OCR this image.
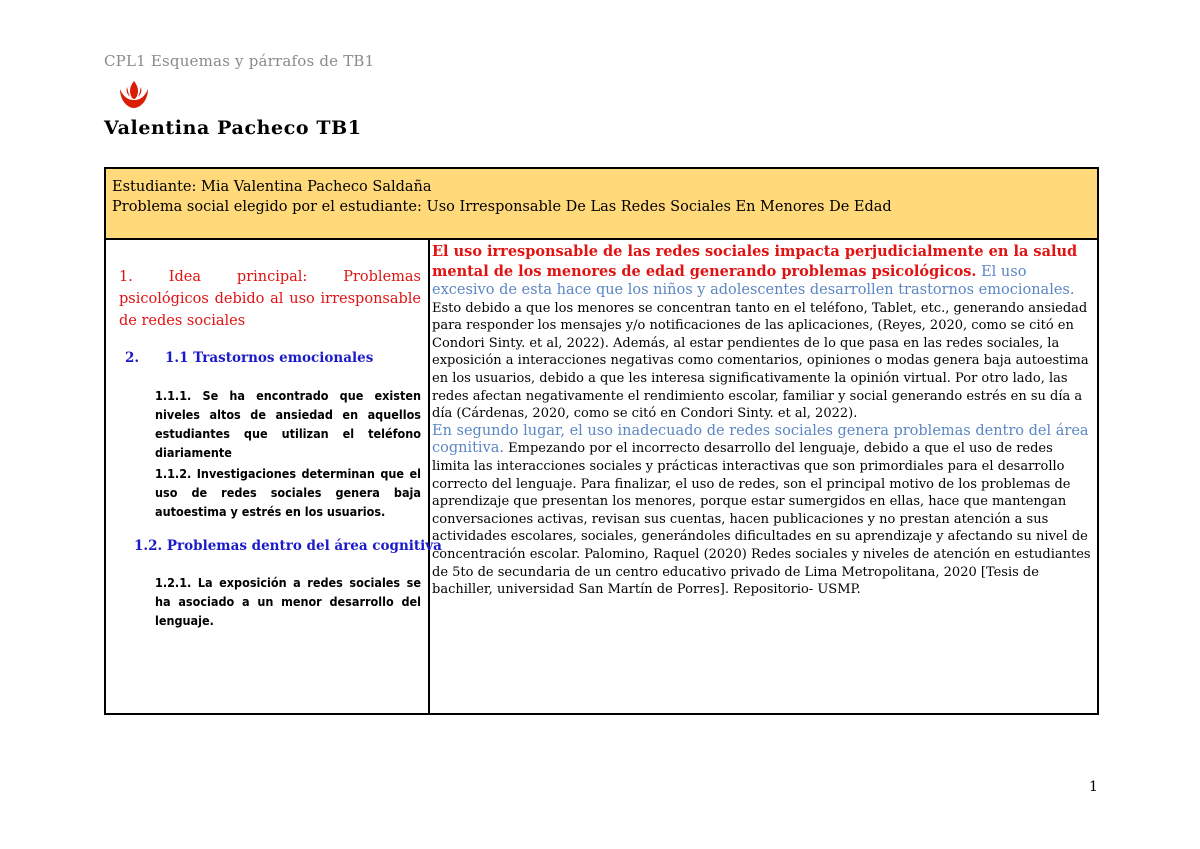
CPL1 Esquemas y párrafos de TB1
Valentina Pacheco TB1
Estudiante: Mia Valentina Pacheco Saldaña
Problema social elegido por el estudiante: Uso Irresponsable De Las Redes Sociales En Menores De Edad
1. Idea principal: Problemas psicológicos debido al uso irresponsable de redes sociales
2. 1.1 Trastornos emocionales
1.1.1. Se ha encontrado que existen niveles altos de ansiedad en aquellos estudiantes que utilizan el teléfono diariamente
1.1.2. Investigaciones determinan que el uso de redes sociales genera baja autoestima y estrés en los usuarios.
1.2. Problemas dentro del área cognitiva
1.2.1. La exposición a redes sociales se ha asociado a un menor desarrollo del lenguaje.

El uso irresponsable de las redes sociales impacta perjudicialmente en la salud mental de los menores de edad generando problemas psicológicos. El uso excesivo de esta hace que los niños y adolescentes desarrollen trastornos emocionales. Esto debido a que los menores se concentran tanto en el teléfono, Tablet, etc., generando ansiedad para responder los mensajes y/o notificaciones de las aplicaciones, (Reyes, 2020, como se citó en Condori Sinty. et al, 2022). Además, al estar pendientes de lo que pasa en las redes sociales, la exposición a interacciones negativas como comentarios, opiniones o modas genera baja autoestima en los usuarios, debido a que les interesa significativamente la opinión virtual. Por otro lado, las redes afectan negativamente el rendimiento escolar, familiar y social generando estrés en su día a día (Cárdenas, 2020, como se citó en Condori Sinty. et al, 2022).

En segundo lugar, el uso inadecuado de redes sociales genera problemas dentro del área cognitiva. Empezando por el incorrecto desarrollo del lenguaje, debido a que el uso de redes limita las interacciones sociales y prácticas interactivas que son primordiales para el desarrollo correcto del lenguaje. Para finalizar, el uso de redes, son el principal motivo de los problemas de aprendizaje que presentan los menores, porque estar sumergidos en ellas, hace que mantengan conversaciones activas, revisan sus cuentas, hacen publicaciones y no prestan atención a sus actividades escolares, sociales, generándoles dificultades en su aprendizaje y afectando su nivel de concentración escolar. Palomino, Raquel (2020) Redes sociales y niveles de atención en estudiantes de 5to de secundaria de un centro educativo privado de Lima Metropolitana, 2020 [Tesis de bachiller, universidad San Martín de Porres]. Repositorio- USMP.

1
